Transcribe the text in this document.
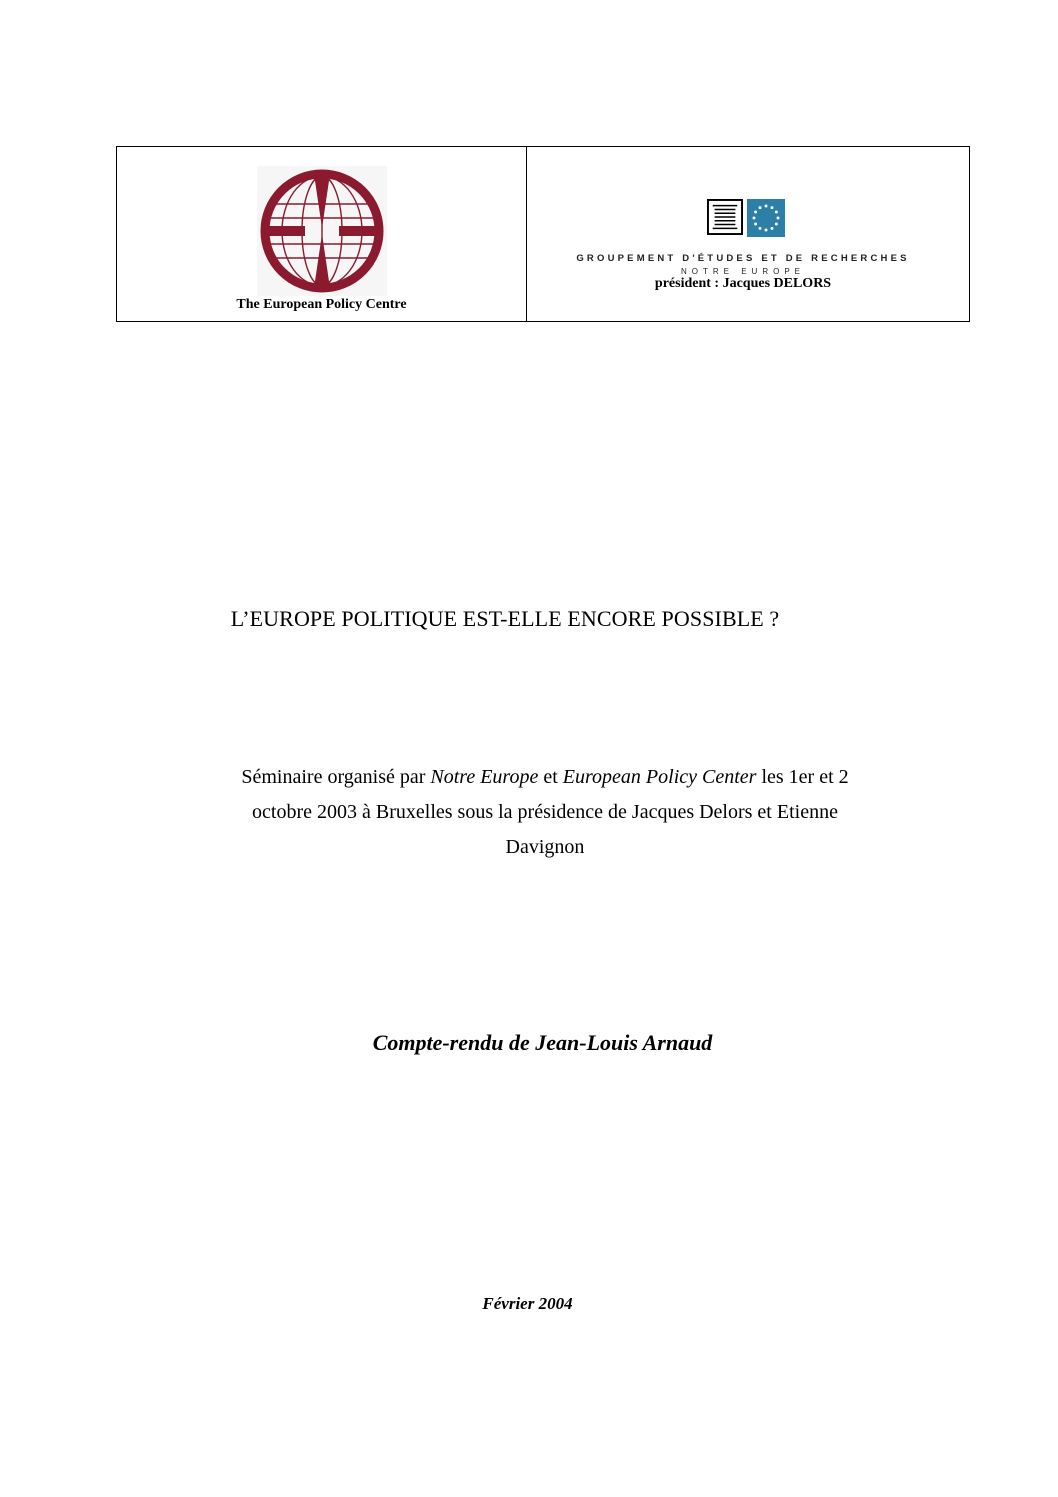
The European Policy Centre
GROUPEMENT D'ÉTUDES ET DE RECHERCHES
NOTRE EUROPE
président : Jacques DELORS
L’EUROPE POLITIQUE EST-ELLE ENCORE POSSIBLE ?
Séminaire organisé par Notre Europe et European Policy Center les 1er et 2 octobre 2003 à Bruxelles sous la présidence de Jacques Delors et Etienne Davignon
Compte-rendu de Jean-Louis Arnaud
Février 2004
